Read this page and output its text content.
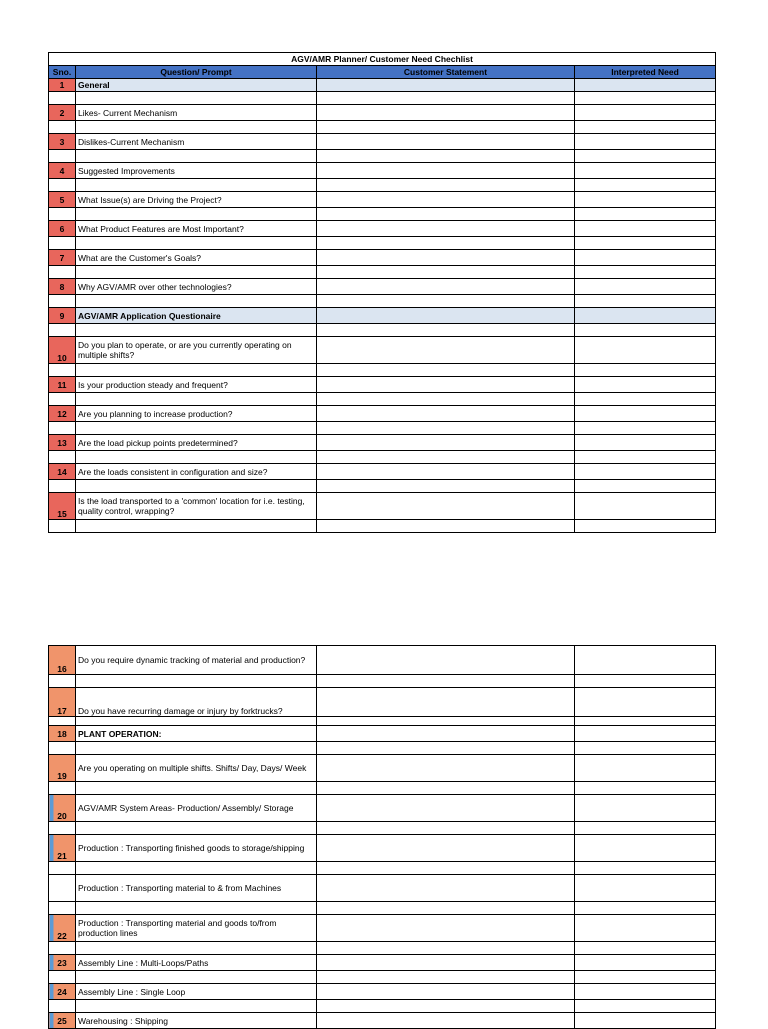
AGV/AMR Planner/ Customer Need Chechlist			
Sno.	Question/ Prompt	Customer Statement	Interpreted Need
1	General		

2	Likes- Current Mechanism		

3	Dislikes-Current Mechanism		

4	Suggested Improvements		

5	What Issue(s) are Driving the Project?		

6	What Product Features are Most Important?		

7	What are the Customer's Goals?		

8	Why AGV/AMR over other technologies?		

9	AGV/AMR Application Questionaire		

10	Do you plan to operate, or are you currently operating on multiple shifts?		

11	Is your production steady and frequent?		

12	Are you planning to increase production?		

13	Are the load pickup points predetermined?		

14	Are the loads consistent in configuration and size?		

15	Is the load transported to a 'common' location for i.e. testing, quality control, wrapping?		

16	Do you require dynamic tracking of material and production?		

17	Do you have recurring damage or injury by forktrucks?		

18	PLANT OPERATION:		

19	Are you operating on multiple shifts. Shifts/ Day, Days/ Week		

20	AGV/AMR System Areas- Production/ Assembly/ Storage		

21	Production : Transporting finished goods to storage/shipping		

	Production : Transporting material to & from Machines		

22	Production : Transporting material and goods to/from production lines		

23	Assembly Line : Multi-Loops/Paths		

24	Assembly Line : Single Loop		

25	Warehousing : Shipping		
